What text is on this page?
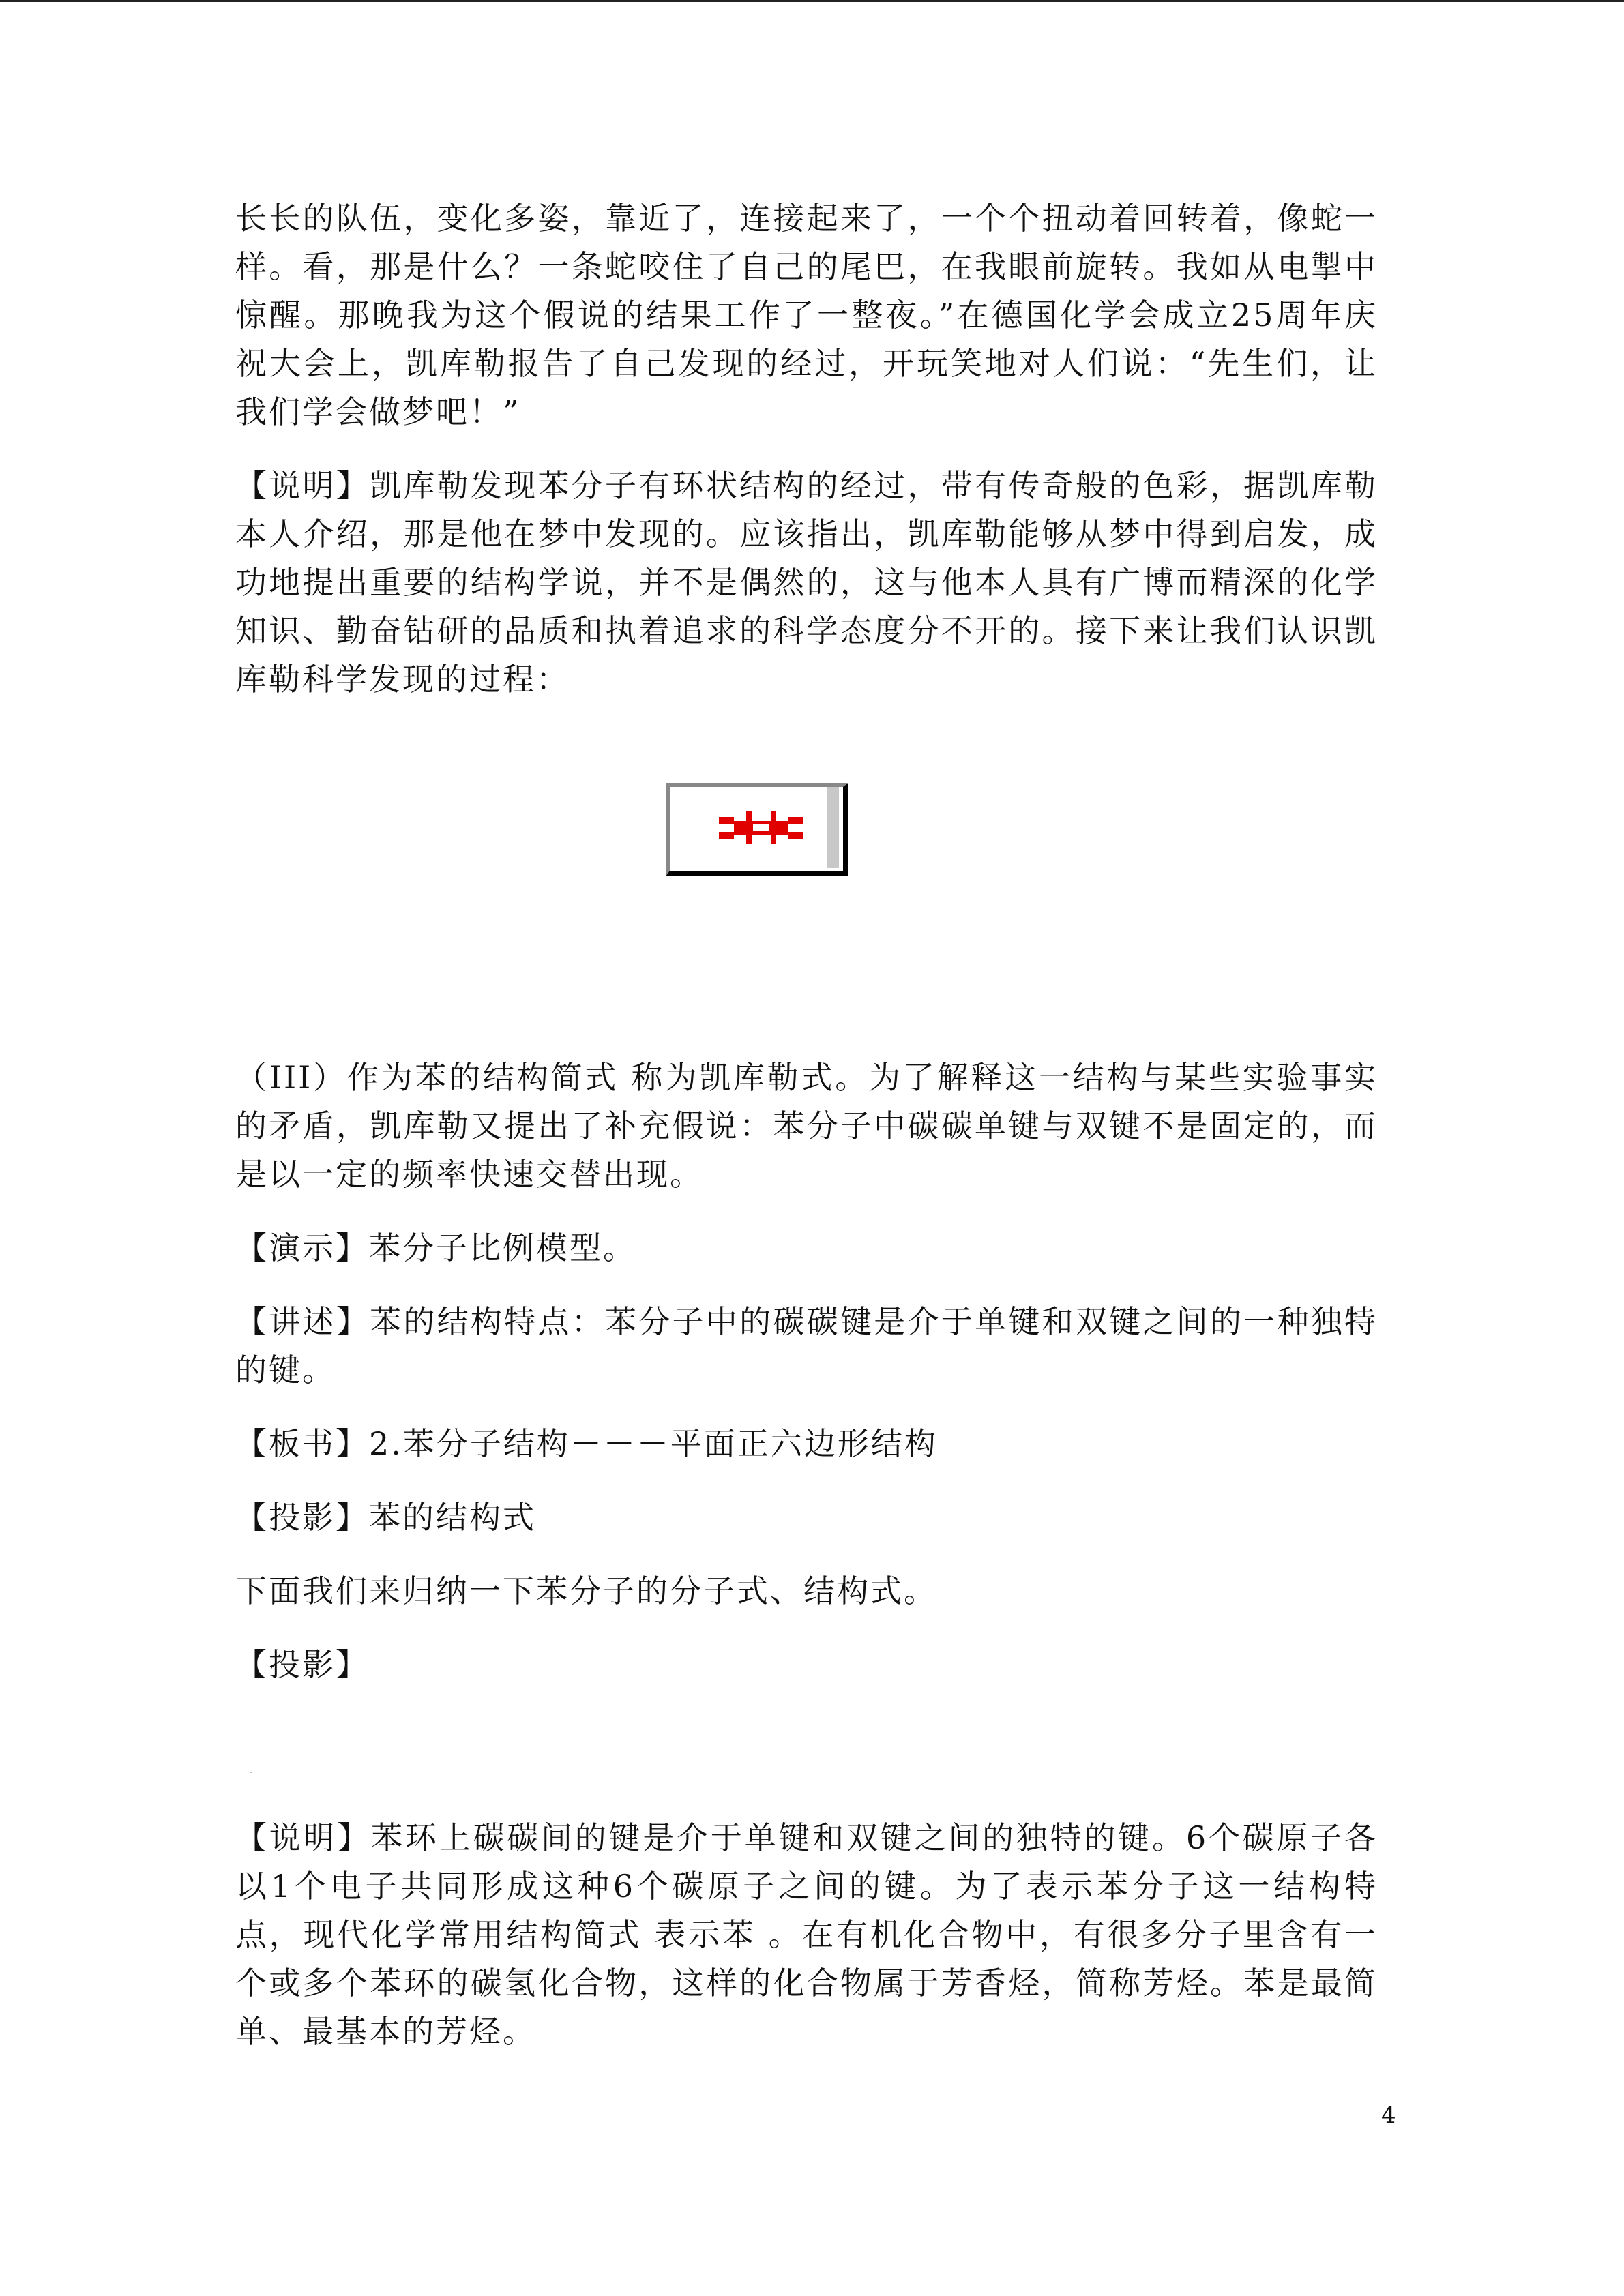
长长的队伍，变化多姿，靠近了，连接起来了，一个个扭动着回转着，像蛇一样。看，那是什么？一条蛇咬住了自己的尾巴，在我眼前旋转。我如从电掣中惊醒。那晚我为这个假说的结果工作了一整夜。”在德国化学会成立25周年庆祝大会上，凯库勒报告了自己发现的经过，开玩笑地对人们说：“先生们，让我们学会做梦吧！”

【说明】凯库勒发现苯分子有环状结构的经过，带有传奇般的色彩，据凯库勒本人介绍，那是他在梦中发现的。应该指出，凯库勒能够从梦中得到启发，成功地提出重要的结构学说，并不是偶然的，这与他本人具有广博而精深的化学知识、勤奋钻研的品质和执着追求的科学态度分不开的。接下来让我们认识凯库勒科学发现的过程：

（III）作为苯的结构简式 称为凯库勒式。为了解释这一结构与某些实验事实的矛盾，凯库勒又提出了补充假说：苯分子中碳碳单键与双键不是固定的，而是以一定的频率快速交替出现。

【演示】苯分子比例模型。

【讲述】苯的结构特点：苯分子中的碳碳键是介于单键和双键之间的一种独特的键。

【板书】2.苯分子结构－－－平面正六边形结构

【投影】苯的结构式

下面我们来归纳一下苯分子的分子式、结构式。

【投影】

【说明】苯环上碳碳间的键是介于单键和双键之间的独特的键。6个碳原子各以1个电子共同形成这种6个碳原子之间的键。为了表示苯分子这一结构特点，现代化学常用结构简式 表示苯 。在有机化合物中，有很多分子里含有一个或多个苯环的碳氢化合物，这样的化合物属于芳香烃，简称芳烃。苯是最简单、最基本的芳烃。

4
